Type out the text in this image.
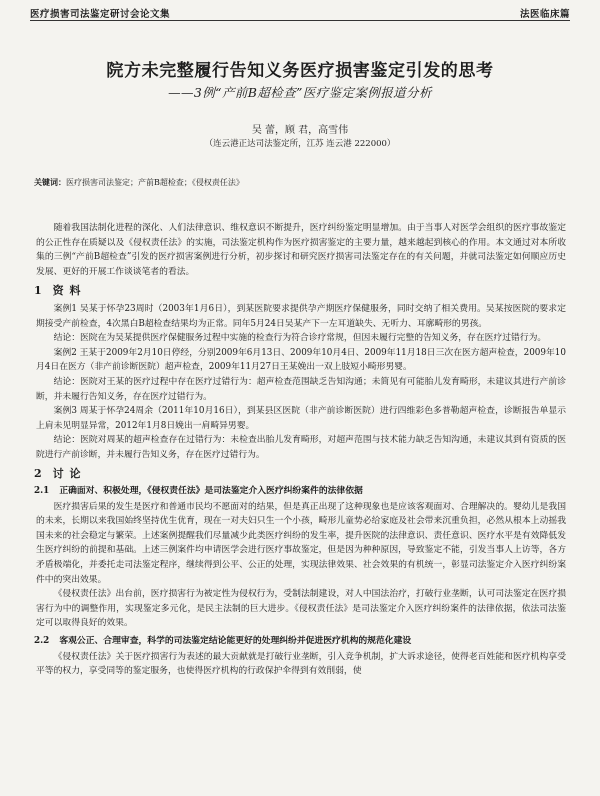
医疗损害司法鉴定研讨会论文集	法医临床篇
院方未完整履行告知义务医疗损害鉴定引发的思考
——3例“产前B超检查”医疗鉴定案例报道分析
吴 蕾，顾 君，高雪伟
（连云港正达司法鉴定所，江苏 连云港 222000）
关键词：医疗损害司法鉴定；产前B超检查；《侵权责任法》

随着我国法制化进程的深化、人们法律意识、维权意识不断提升，医疗纠纷鉴定明显增加。由于当事人对医学会组织的医疗事故鉴定的公正性存在质疑以及《侵权责任法》的实施，司法鉴定机构作为医疗损害鉴定的主要力量，越来越起到核心的作用。本文通过对本所收集的三例“产前B超检查”引发的医疗损害案例进行分析，初步探讨和研究医疗损害司法鉴定存在的有关问题，并就司法鉴定如何顺应历史发展、更好的开展工作谈谈笔者的看法。

1 资 料

案例1 吴某于怀孕23周时（2003年1月6日），到某医院要求提供孕产期医疗保健服务，同时交纳了相关费用。吴某按医院的要求定期接受产前检查，4次黑白B超检查结果均为正常。同年5月24日吴某产下一左耳道缺失、无听力、耳廓畸形的男孩。

结论：医院在为吴某提供医疗保健服务过程中实施的检查行为符合诊疗常规，但因未履行完整的告知义务，存在医疗过错行为。

案例2 王某于2009年2月10日停经，分别2009年6月13日、2009年10月4日、2009年11月18日三次在医方超声检查，2009年10月4日在医方（非产前诊断医院）超声检查，2009年11月27日王某娩出一双上肢短小畸形男婴。

结论：医院对王某的医疗过程中存在医疗过错行为：超声检查范围缺乏告知沟通；未简见有可能胎儿发育畸形，未建议其进行产前诊断，并未履行告知义务，存在医疗过错行为。

案例3 周某于怀孕24周余（2011年10月16日），到某县区医院（非产前诊断医院）进行四维彩色多普勒超声检查，诊断报告单显示上肩未见明显异常，2012年1月8日娩出一肩畸异男婴。

结论：医院对周某的超声检查存在过错行为：未检查出胎儿发育畸形，对超声范围与技术能力缺乏告知沟通，未建议其到有资质的医院进行产前诊断，并未履行告知义务，存在医疗过错行为。

2 讨 论
2.1 正确面对、积极处理，《侵权责任法》是司法鉴定介入医疗纠纷案件的法律依据

医疗损害后果的发生是医疗和普通市民均不愿面对的结果，但是真正出现了这种现象也是应该客观面对、合理解决的。婴幼儿是我国的未来，长期以来我国始终坚持优生优育，现在一对夫妇只生一个小孩，畸形儿童势必给家庭及社会带来沉重负担，必然从根本上动摇我国未来的社会稳定与繁荣。上述案例提醒我们尽量减少此类医疗纠纷的发生率，提升医院的法律意识、责任意识、医疗水平是有效降低发生医疗纠纷的前提和基础。上述三例案件均申请医学会进行医疗事故鉴定，但是因为种种原因，导致鉴定不能，引发当事人上访等，各方矛盾极端化，并委托走司法鉴定程序，继续得到公平、公正的处理，实现法律效果、社会效果的有机统一，彰显司法鉴定介入医疗纠纷案件中的突出效果。

《侵权责任法》出台前，医疗损害行为被定性为侵权行为，受制法制建设，对人中国法治疗，打破行业垄断，认可司法鉴定在医疗损害行为中的调整作用，实现鉴定多元化，是民主法制的巨大进步。《侵权责任法》是司法鉴定介入医疗纠纷案件的法律依据，依法司法鉴定可以取得良好的效果。

2.2 客观公正、合理审查，科学的司法鉴定结论能更好的处理纠纷并促进医疗机构的规范化建设

《侵权责任法》关于医疗损害行为表述的最大贡献就是打破行业垄断，引入竞争机制，扩大诉求途径，使得老百姓能和医疗机构享受平等的权力，享受同等的鉴定服务，也使得医疗机构的行政保护伞得到有效削弱，使
